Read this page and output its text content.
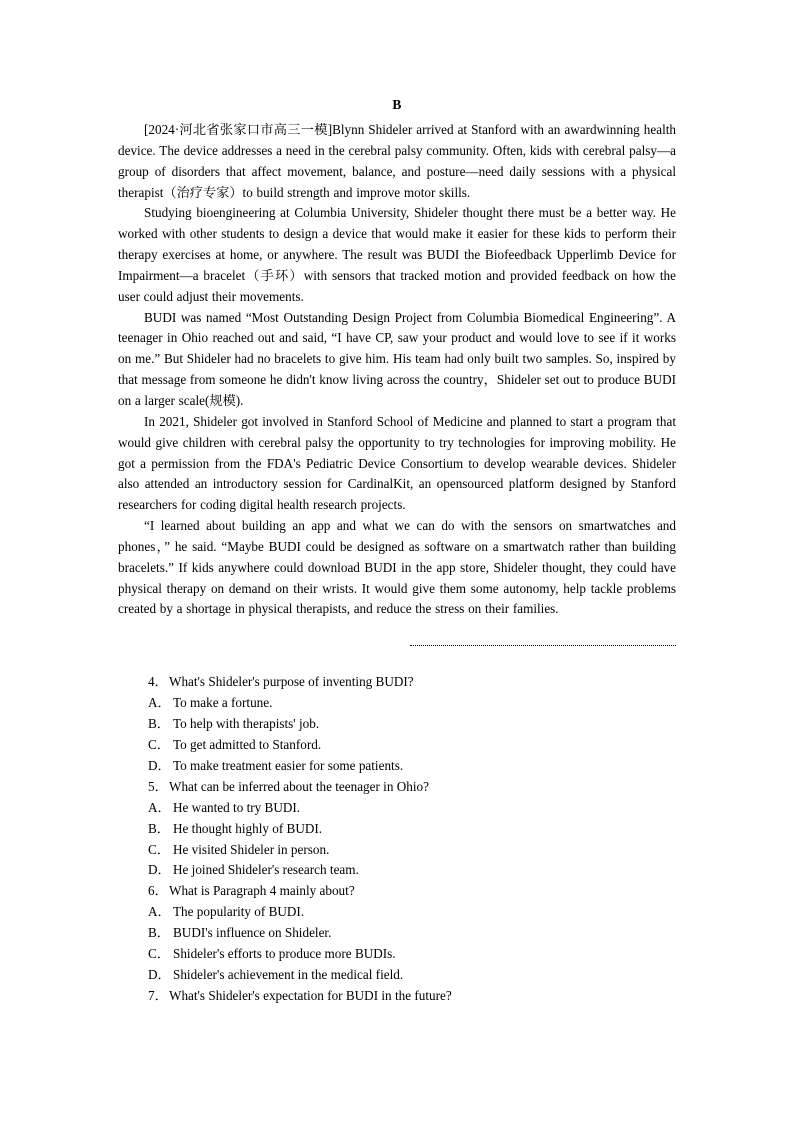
B

[2024·河北省张家口市高三一模]Blynn Shideler arrived at Stanford with an awardwinning health device. The device addresses a need in the cerebral palsy community. Often, kids with cerebral palsy—a group of disorders that affect movement, balance, and posture—need daily sessions with a physical therapist（治疗专家）to build strength and improve motor skills.

Studying bioengineering at Columbia University, Shideler thought there must be a better way. He worked with other students to design a device that would make it easier for these kids to perform their therapy exercises at home, or anywhere. The result was BUDI the Biofeedback Upperlimb Device for Impairment—a bracelet（手环）with sensors that tracked motion and provided feedback on how the user could adjust their movements.

BUDI was named “Most Outstanding Design Project from Columbia Biomedical Engineering”. A teenager in Ohio reached out and said, “I have CP, saw your product and would love to see if it works on me.” But Shideler had no bracelets to give him. His team had only built two samples. So, inspired by that message from someone he didn't know living across the country，Shideler set out to produce BUDI on a larger scale(规模).

In 2021, Shideler got involved in Stanford School of Medicine and planned to start a program that would give children with cerebral palsy the opportunity to try technologies for improving mobility. He got a permission from the FDA's Pediatric Device Consortium to develop wearable devices. Shideler also attended an introductory session for CardinalKit, an opensourced platform designed by Stanford researchers for coding digital health research projects.

“I learned about building an app and what we can do with the sensors on smartwatches and phones，” he said. “Maybe BUDI could be designed as software on a smartwatch rather than building bracelets.” If kids anywhere could download BUDI in the app store, Shideler thought, they could have physical therapy on demand on their wrists. It would give them some autonomy, help tackle problems created by a shortage in physical therapists, and reduce the stress on their families.

4．What's Shideler's purpose of inventing BUDI?
A． To make a fortune.
B． To help with therapists' job.
C． To get admitted to Stanford.
D． To make treatment easier for some patients.
5．What can be inferred about the teenager in Ohio?
A． He wanted to try BUDI.
B． He thought highly of BUDI.
C． He visited Shideler in person.
D． He joined Shideler's research team.
6．What is Paragraph 4 mainly about?
A． The popularity of BUDI.
B． BUDI's influence on Shideler.
C． Shideler's efforts to produce more BUDIs.
D． Shideler's achievement in the medical field.
7．What's Shideler's expectation for BUDI in the future?
